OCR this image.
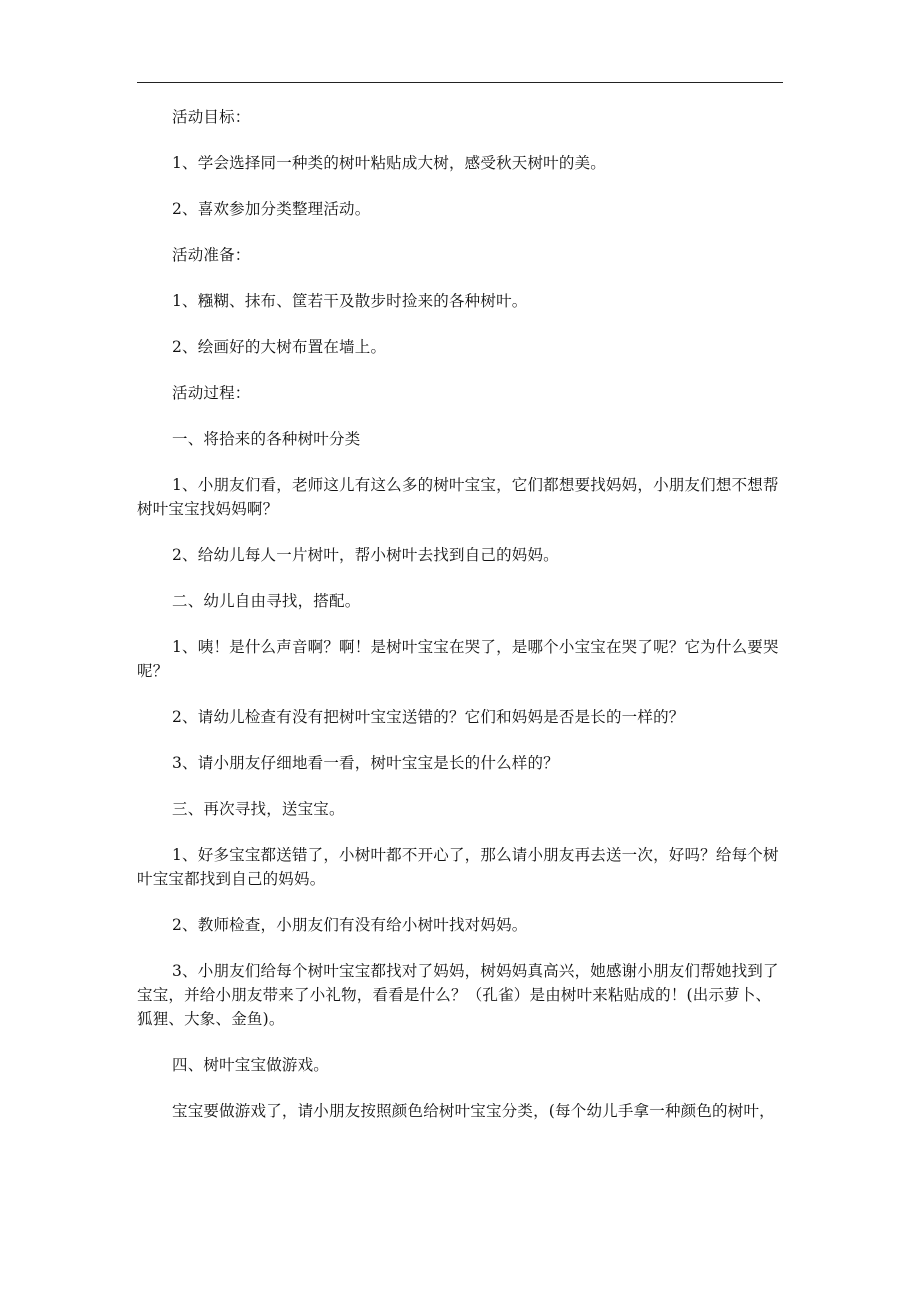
活动目标：

1、学会选择同一种类的树叶粘贴成大树，感受秋天树叶的美。

2、喜欢参加分类整理活动。

活动准备：

1、糨糊、抹布、筐若干及散步时捡来的各种树叶。

2、绘画好的大树布置在墙上。

活动过程：

一、将拾来的各种树叶分类

1、小朋友们看，老师这儿有这么多的树叶宝宝，它们都想要找妈妈，小朋友们想不想帮树叶宝宝找妈妈啊？

2、给幼儿每人一片树叶，帮小树叶去找到自己的妈妈。

二、幼儿自由寻找，搭配。

1、咦！是什么声音啊？啊！是树叶宝宝在哭了，是哪个小宝宝在哭了呢？它为什么要哭呢？

2、请幼儿检查有没有把树叶宝宝送错的？它们和妈妈是否是长的一样的？

3、请小朋友仔细地看一看，树叶宝宝是长的什么样的？

三、再次寻找，送宝宝。

1、好多宝宝都送错了，小树叶都不开心了，那么请小朋友再去送一次，好吗？给每个树叶宝宝都找到自己的妈妈。

2、教师检查，小朋友们有没有给小树叶找对妈妈。

3、小朋友们给每个树叶宝宝都找对了妈妈，树妈妈真高兴，她感谢小朋友们帮她找到了宝宝，并给小朋友带来了小礼物，看看是什么？（孔雀）是由树叶来粘贴成的！(出示萝卜、狐狸、大象、金鱼)。

四、树叶宝宝做游戏。

宝宝要做游戏了，请小朋友按照颜色给树叶宝宝分类，(每个幼儿手拿一种颜色的树叶，
